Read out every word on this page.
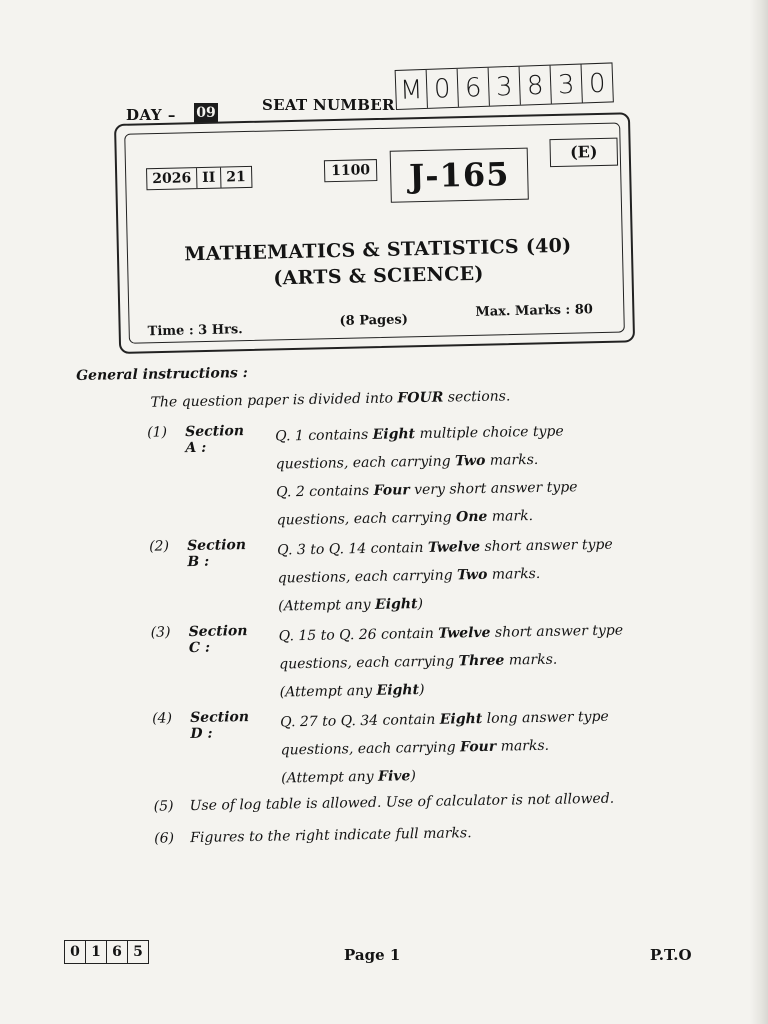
DAY – 09	SEAT NUMBER M 0 6 3 8 3 0
2026 II 21	1100	J-165
(E)
MATHEMATICS & STATISTICS (40)
(ARTS & SCIENCE)
Time : 3 Hrs.
(8 Pages)
Max. Marks : 80
General instructions :
The question paper is divided into FOUR sections.
(1)	Section A :
Q. 1 contains Eight multiple choice type
questions, each carrying Two marks.
Q. 2 contains Four very short answer type
questions, each carrying One mark.
(2)	Section B :
Q. 3 to Q. 14 contain Twelve short answer type
questions, each carrying Two marks.
(Attempt any Eight)
(3)	Section C :
Q. 15 to Q. 26 contain Twelve short answer type
questions, each carrying Three marks.
(Attempt any Eight)
(4)	Section D :
Q. 27 to Q. 34 contain Eight long answer type
questions, each carrying Four marks.
(Attempt any Five)
(5)	Use of log table is allowed. Use of calculator is not allowed.
(6)	Figures to the right indicate full marks.
0 1 6 5	Page 1	P.T.O
